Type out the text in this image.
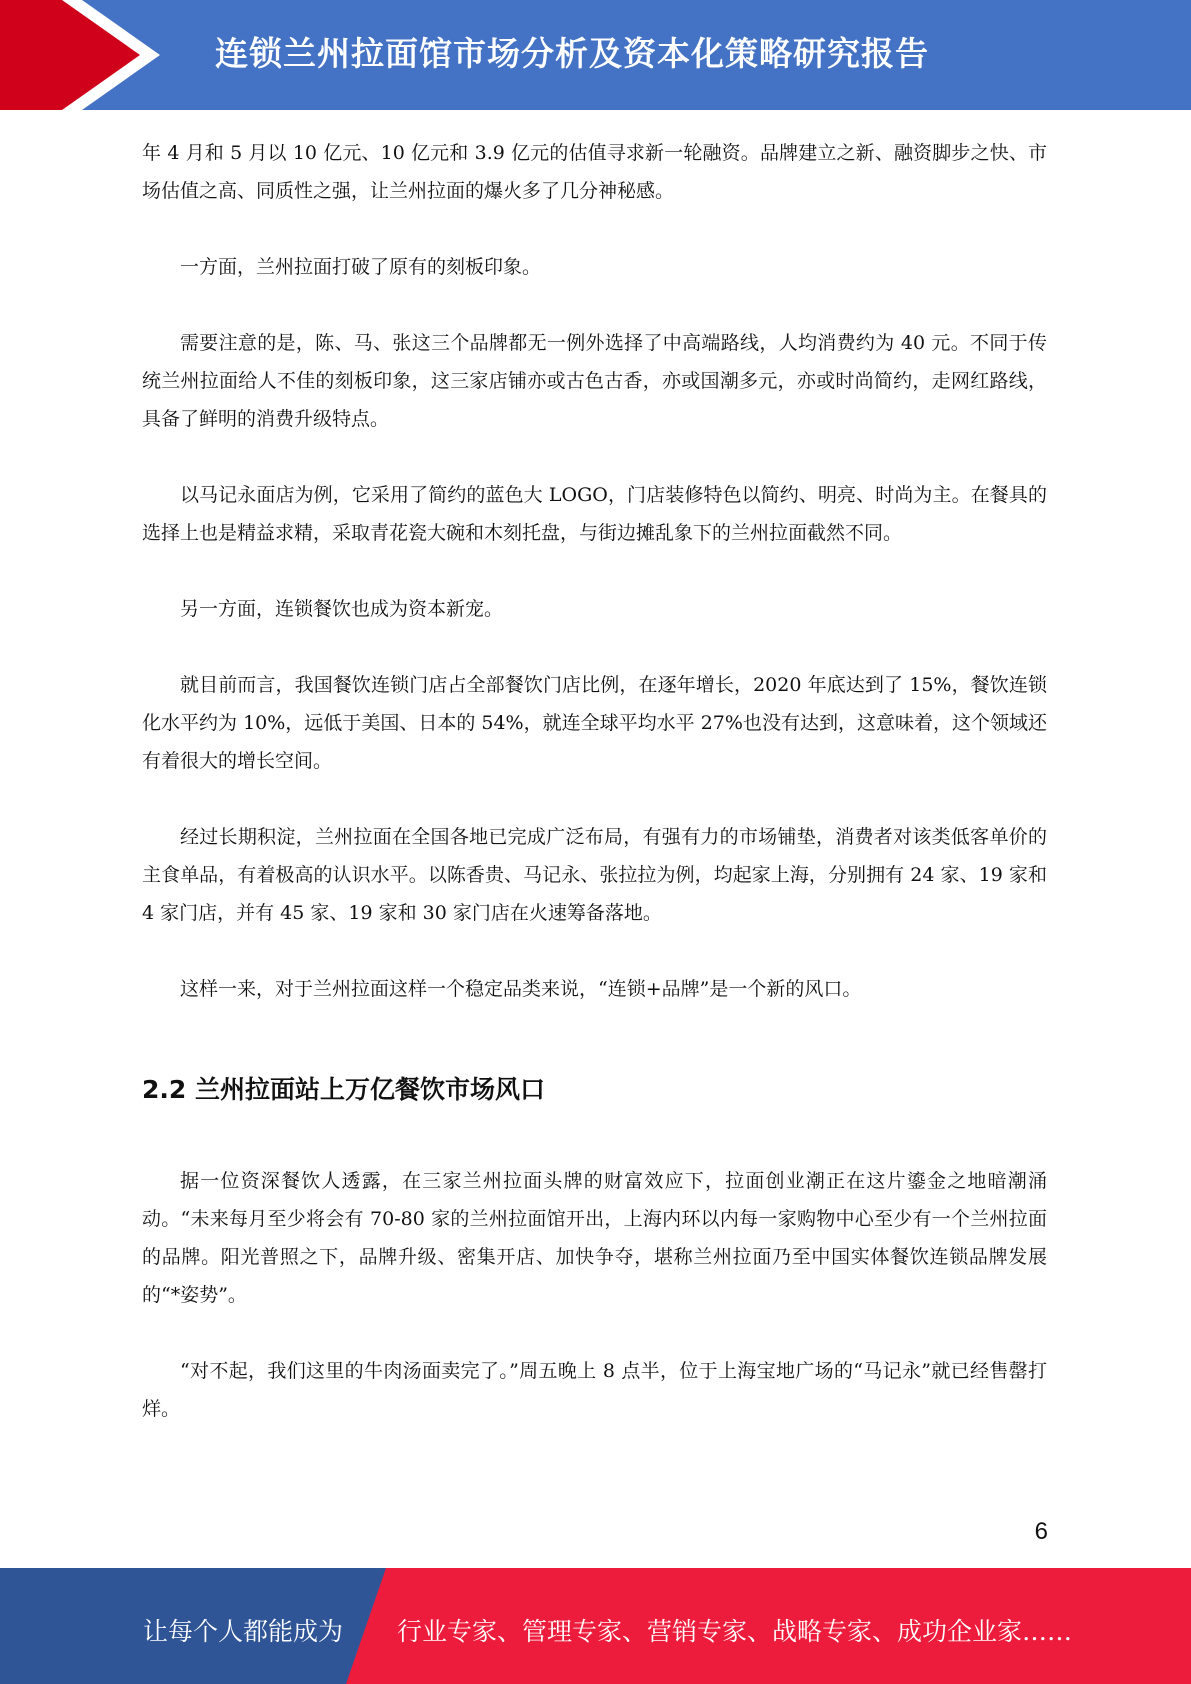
连锁兰州拉面馆市场分析及资本化策略研究报告

年 4 月和 5 月以 10 亿元、10 亿元和 3.9 亿元的估值寻求新一轮融资。品牌建立之新、融资脚步之快、市场估值之高、同质性之强，让兰州拉面的爆火多了几分神秘感。

一方面，兰州拉面打破了原有的刻板印象。

需要注意的是，陈、马、张这三个品牌都无一例外选择了中高端路线，人均消费约为 40 元。不同于传统兰州拉面给人不佳的刻板印象，这三家店铺亦或古色古香，亦或国潮多元，亦或时尚简约，走网红路线，具备了鲜明的消费升级特点。

以马记永面店为例，它采用了简约的蓝色大 LOGO，门店装修特色以简约、明亮、时尚为主。在餐具的选择上也是精益求精，采取青花瓷大碗和木刻托盘，与街边摊乱象下的兰州拉面截然不同。

另一方面，连锁餐饮也成为资本新宠。

就目前而言，我国餐饮连锁门店占全部餐饮门店比例，在逐年增长，2020 年底达到了 15%，餐饮连锁化水平约为 10%，远低于美国、日本的 54%，就连全球平均水平 27%也没有达到，这意味着，这个领域还有着很大的增长空间。

经过长期积淀，兰州拉面在全国各地已完成广泛布局，有强有力的市场铺垫，消费者对该类低客单价的主食单品，有着极高的认识水平。以陈香贵、马记永、张拉拉为例，均起家上海，分别拥有 24 家、19 家和 4 家门店，并有 45 家、19 家和 30 家门店在火速筹备落地。

这样一来，对于兰州拉面这样一个稳定品类来说，“连锁+品牌”是一个新的风口。

2.2 兰州拉面站上万亿餐饮市场风口

据一位资深餐饮人透露，在三家兰州拉面头牌的财富效应下，拉面创业潮正在这片鎏金之地暗潮涌动。“未来每月至少将会有 70-80 家的兰州拉面馆开出，上海内环以内每一家购物中心至少有一个兰州拉面的品牌。阳光普照之下，品牌升级、密集开店、加快争夺，堪称兰州拉面乃至中国实体餐饮连锁品牌发展的“*姿势”。

“对不起，我们这里的牛肉汤面卖完了。”周五晚上 8 点半，位于上海宝地广场的“马记永”就已经售罄打烊。

6
让每个人都能成为 行业专家、管理专家、营销专家、战略专家、成功企业家……
